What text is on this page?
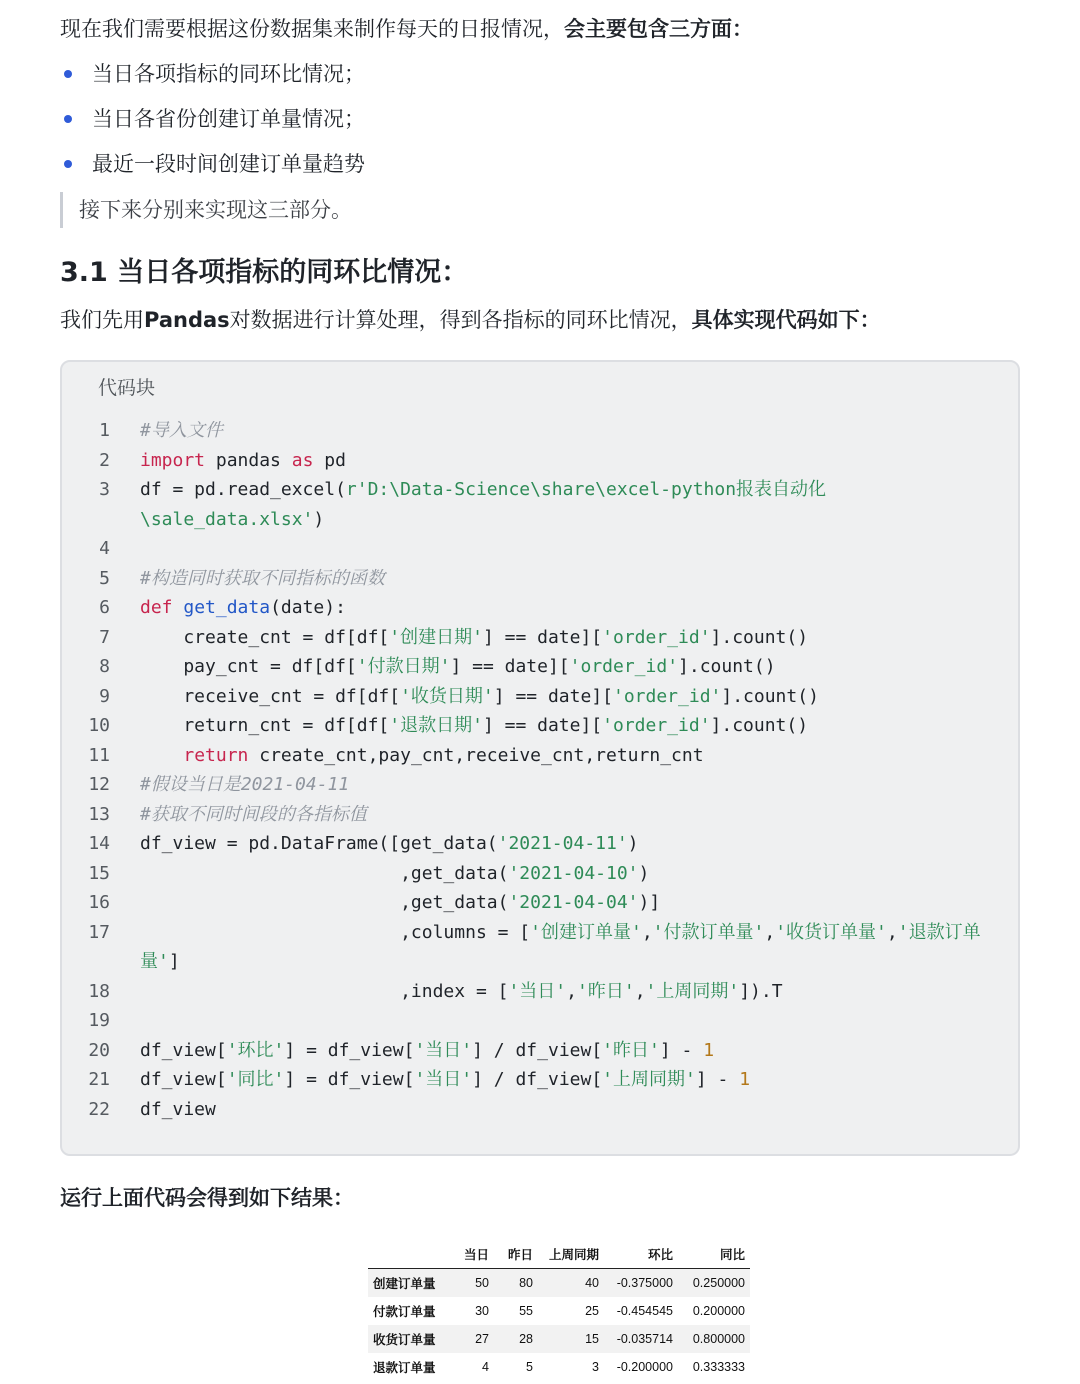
现在我们需要根据这份数据集来制作每天的日报情况，会主要包含三方面：
当日各项指标的同环比情况；
当日各省份创建订单量情况；
最近一段时间创建订单量趋势
接下来分别来实现这三部分。
3.1 当日各项指标的同环比情况：
我们先用Pandas对数据进行计算处理，得到各指标的同环比情况，具体实现代码如下：
代码块
1
2
3
4
5
6
7
8
9
10
11
12
13
14
15
16
17
18
19
20
21
22
#导入文件
import pandas as pd
df = pd.read_excel(r'D:\Data-Science\share\excel-python报表自动化
\sale_data.xlsx')
#构造同时获取不同指标的函数
def get_data(date):
create_cnt = df[df['创建日期'] == date]['order_id'].count()
pay_cnt = df[df['付款日期'] == date]['order_id'].count()
receive_cnt = df[df['收货日期'] == date]['order_id'].count()
return_cnt = df[df['退款日期'] == date]['order_id'].count()
return create_cnt,pay_cnt,receive_cnt,return_cnt
#假设当日是2021-04-11
#获取不同时间段的各指标值
df_view = pd.DataFrame([get_data('2021-04-11')
,get_data('2021-04-10')
,get_data('2021-04-04')]
,columns = ['创建订单量','付款订单量','收货订单量','退款订单
量']
,index = ['当日','昨日','上周同期']).T
df_view['环比'] = df_view['当日'] / df_view['昨日'] - 1
df_view['同比'] = df_view['当日'] / df_view['上周同期'] - 1
df_view
运行上面代码会得到如下结果：
	当日	昨日	上周同期	环比	同比
创建订单量	50	80	40	-0.375000	0.250000
付款订单量	30	55	25	-0.454545	0.200000
收货订单量	27	28	15	-0.035714	0.800000
退款订单量	4	5	3	-0.200000	0.333333
